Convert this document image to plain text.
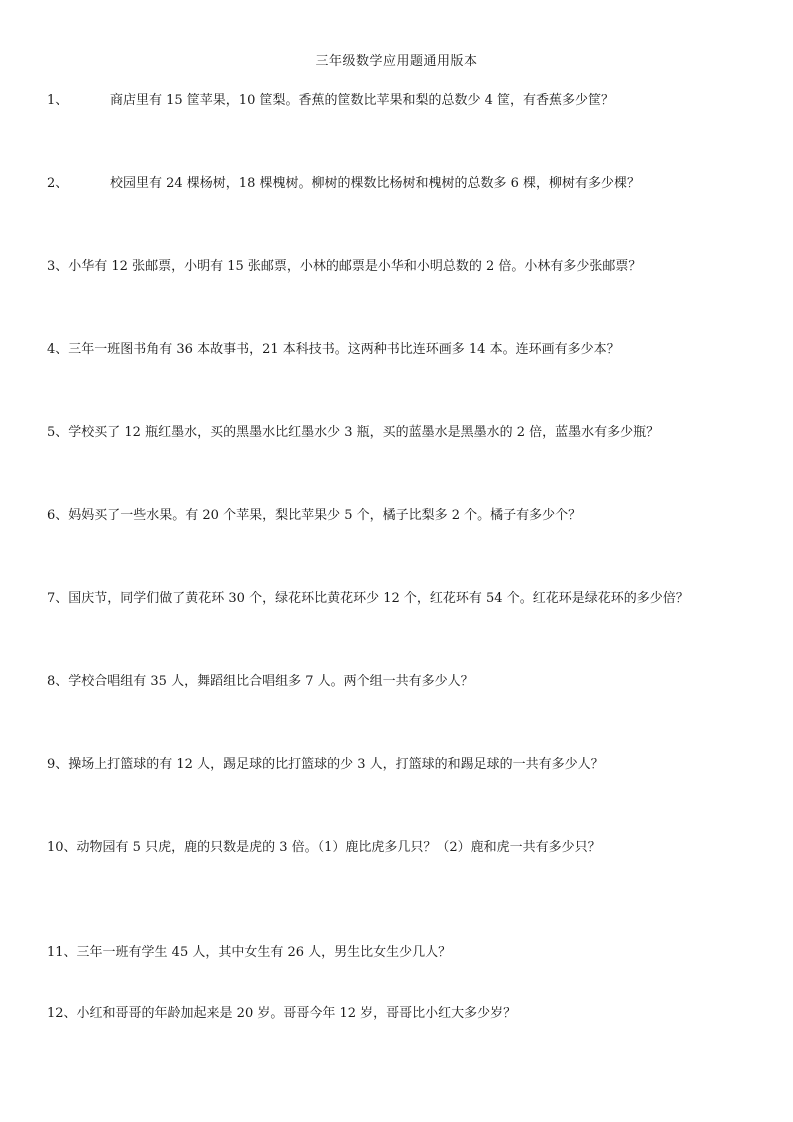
三年级数学应用题通用版本
1、	商店里有 15 筐苹果，10 筐梨。香蕉的筐数比苹果和梨的总数少 4 筐，有香蕉多少筐？
2、	校园里有 24 棵杨树，18 棵槐树。柳树的棵数比杨树和槐树的总数多 6 棵，柳树有多少棵？
3、小华有 12 张邮票，小明有 15 张邮票，小林的邮票是小华和小明总数的 2 倍。小林有多少张邮票？
4、三年一班图书角有 36 本故事书，21 本科技书。这两种书比连环画多 14 本。连环画有多少本？
5、学校买了 12 瓶红墨水，买的黑墨水比红墨水少 3 瓶，买的蓝墨水是黑墨水的 2 倍，蓝墨水有多少瓶？
6、妈妈买了一些水果。有 20 个苹果，梨比苹果少 5 个，橘子比梨多 2 个。橘子有多少个？
7、国庆节，同学们做了黄花环 30 个，绿花环比黄花环少 12 个，红花环有 54 个。红花环是绿花环的多少倍？
8、学校合唱组有 35 人，舞蹈组比合唱组多 7 人。两个组一共有多少人？
9、操场上打篮球的有 12 人，踢足球的比打篮球的少 3 人，打篮球的和踢足球的一共有多少人？
10、动物园有 5 只虎，鹿的只数是虎的 3 倍。（1）鹿比虎多几只？（2）鹿和虎一共有多少只？
11、三年一班有学生 45 人，其中女生有 26 人，男生比女生少几人？
12、小红和哥哥的年龄加起来是 20 岁。哥哥今年 12 岁，哥哥比小红大多少岁？
